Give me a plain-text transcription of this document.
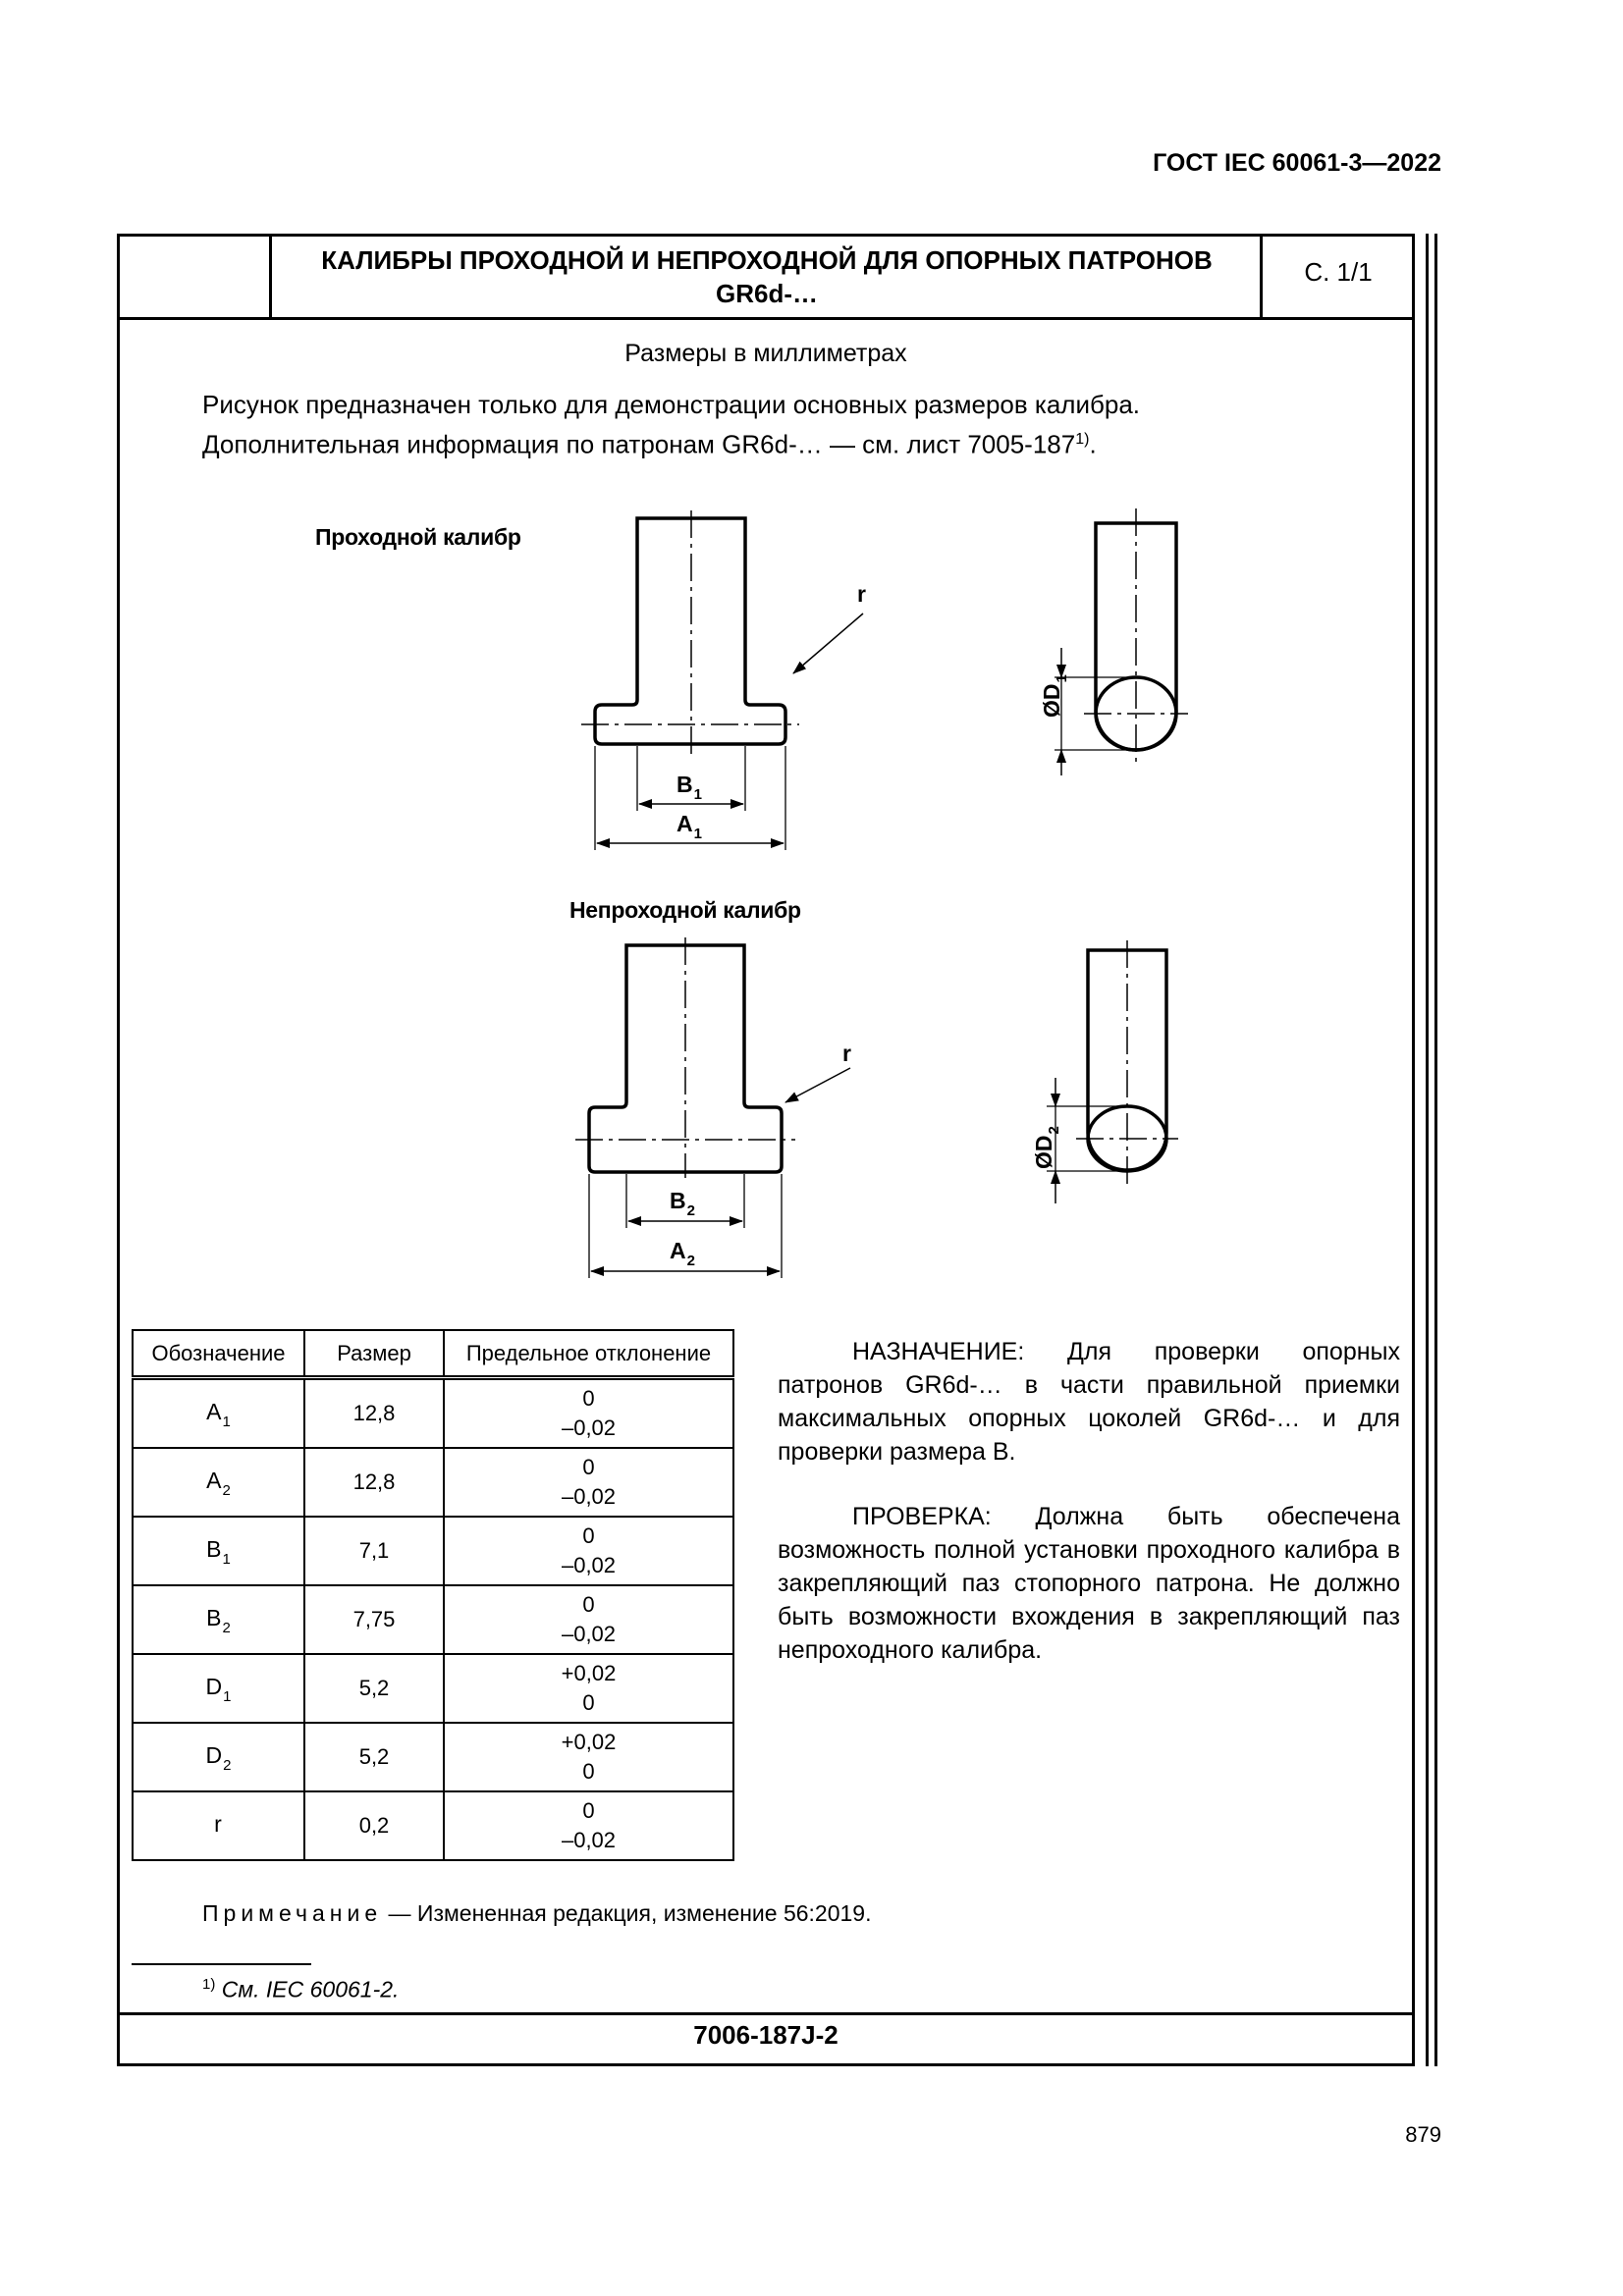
ГОСТ IEC 60061-3—2022
КАЛИБРЫ ПРОХОДНОЙ И НЕПРОХОДНОЙ ДЛЯ ОПОРНЫХ ПАТРОНОВ
GR6d-…
С. 1/1
Размеры в миллиметрах
Рисунок предназначен только для демонстрации основных размеров калибра.
Дополнительная информация по патронам GR6d-… — см. лист 7005-187$^{1)}$.
Проходной калибр
Непроходной калибр
r
$B_1$
$A_1$
$ØD_1$
r
$B_2$
$A_2$
$ØD_2$
Обозначение	Размер	Предельное отклонение
$A_1$	12,8	0
–0,02

$A_2$	12,8	0
–0,02

$B_1$	7,1	0
–0,02

$B_2$	7,75	0
–0,02

$D_1$	5,2	+0,02
0

$D_2$	5,2	+0,02
0

r	0,2	0
–0,02

НАЗНАЧЕНИЕ: Для проверки опорных патронов GR6d-… в части правильной приемки максимальных опорных цоколей GR6d-… и для проверки размера B.

ПРОВЕРКА: Должна быть обеспечена возможность полной установки проходного калибра в закрепляющий паз стопорного патрона. Не должно быть возможности вхождения в закрепляющий паз непроходного калибра.

Примечание — Измененная редакция, изменение 56:2019.
$^{1)}$ См. IEC 60061-2.
7006-187J-2
879
